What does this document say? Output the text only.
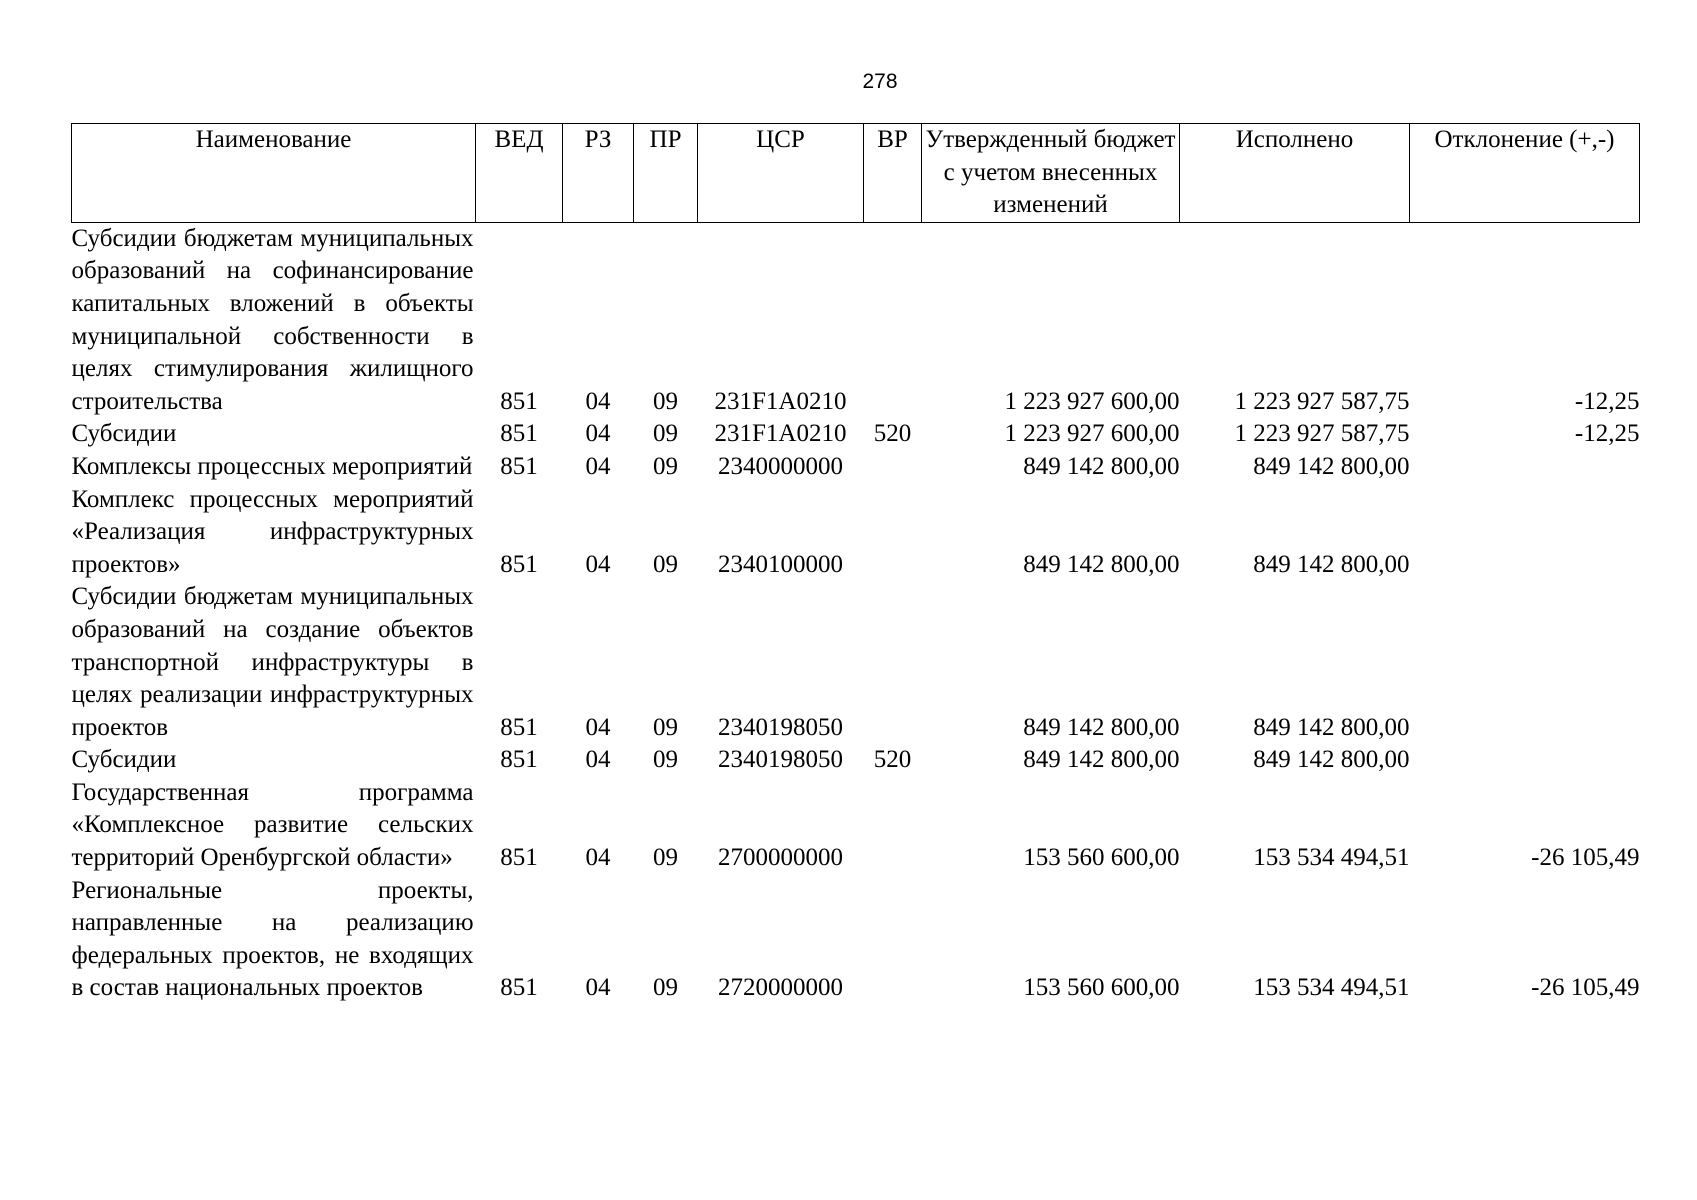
278
Наименование	ВЕД	РЗ	ПР	ЦСР	ВР	Утвержденный бюджет с учетом внесенных изменений	Исполнено	Отклонение (+,-)
Субсидии бюджетам муниципальных образований на софинансирование капитальных вложений в объекты муниципальной собственности в целях стимулирования жилищного строительства	851	04	09	231F1A0210		1 223 927 600,00	1 223 927 587,75	-12,25
Субсидии	851	04	09	231F1A0210	520	1 223 927 600,00	1 223 927 587,75	-12,25
Комплексы процессных мероприятий	851	04	09	2340000000		849 142 800,00	849 142 800,00	
Комплекс процессных мероприятий «Реализация инфраструктурных проектов»	851	04	09	2340100000		849 142 800,00	849 142 800,00	
Субсидии бюджетам муниципальных образований на создание объектов транспортной инфраструктуры в целях реализации инфраструктурных проектов	851	04	09	2340198050		849 142 800,00	849 142 800,00	
Субсидии	851	04	09	2340198050	520	849 142 800,00	849 142 800,00	
Государственная программа «Комплексное развитие сельских территорий Оренбургской области»	851	04	09	2700000000		153 560 600,00	153 534 494,51	-26 105,49
Региональные проекты, направленные на реализацию федеральных проектов, не входящих в состав национальных проектов	851	04	09	2720000000		153 560 600,00	153 534 494,51	-26 105,49
